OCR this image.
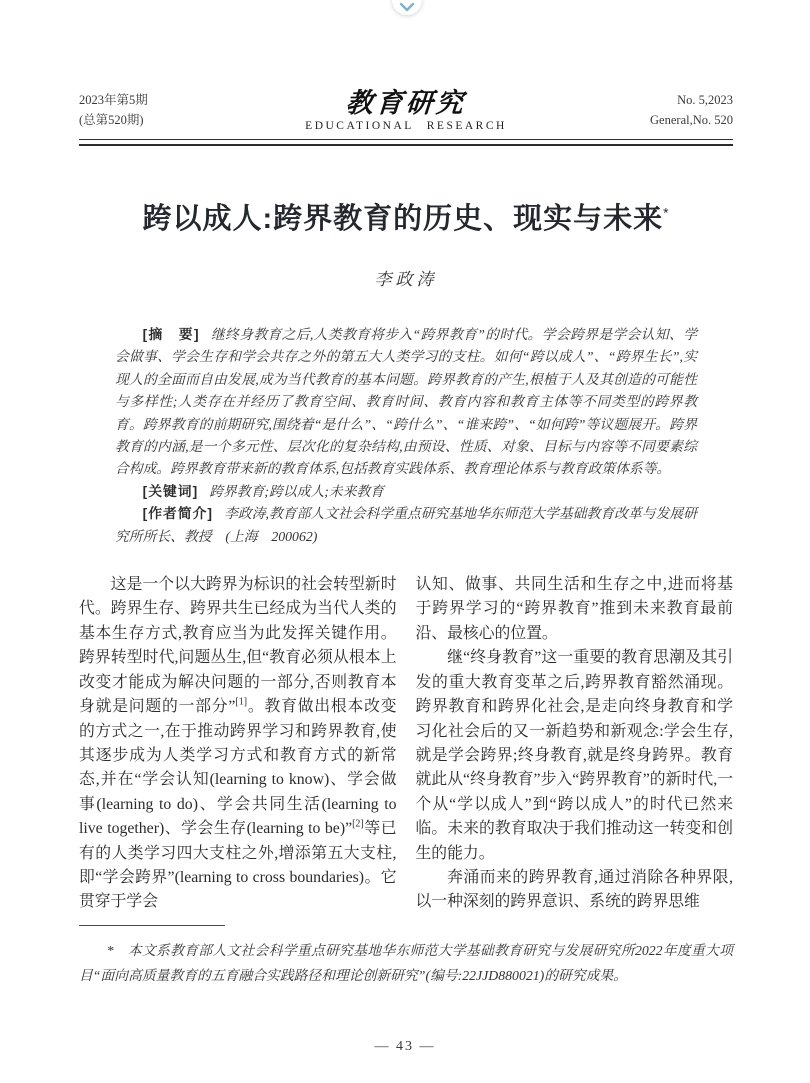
2023年第5期
(总第520期)
教育研究
EDUCATIONAL RESEARCH
No. 5,2023
General,No. 520
跨以成人:跨界教育的历史、现实与未来*
李政涛

[摘　要] 继终身教育之后,人类教育将步入“跨界教育”的时代。学会跨界是学会认知、学会做事、学会生存和学会共存之外的第五大人类学习的支柱。如何“跨以成人”、“跨界生长”,实现人的全面而自由发展,成为当代教育的基本问题。跨界教育的产生,根植于人及其创造的可能性与多样性;人类存在并经历了教育空间、教育时间、教育内容和教育主体等不同类型的跨界教育。跨界教育的前期研究,围绕着“是什么”、“跨什么”、“谁来跨”、“如何跨”等议题展开。跨界教育的内涵,是一个多元性、层次化的复杂结构,由预设、性质、对象、目标与内容等不同要素综合构成。跨界教育带来新的教育体系,包括教育实践体系、教育理论体系与教育政策体系等。

[关键词] 跨界教育;跨以成人;未来教育

[作者简介] 李政涛,教育部人文社会科学重点研究基地华东师范大学基础教育改革与发展研究所所长、教授　(上海　200062)

这是一个以大跨界为标识的社会转型新时代。跨界生存、跨界共生已经成为当代人类的基本生存方式,教育应当为此发挥关键作用。跨界转型时代,问题丛生,但“教育必须从根本上改变才能成为解决问题的一部分,否则教育本身就是问题的一部分”[1]。教育做出根本改变的方式之一,在于推动跨界学习和跨界教育,使其逐步成为人类学习方式和教育方式的新常态,并在“学会认知(learning to know)、学会做事(learning to do)、学会共同生活(learning to live together)、学会生存(learning to be)”[2]等已有的人类学习四大支柱之外,增添第五大支柱,即“学会跨界”(learning to cross boundaries)。它贯穿于学会

认知、做事、共同生活和生存之中,进而将基于跨界学习的“跨界教育”推到未来教育最前沿、最核心的位置。

继“终身教育”这一重要的教育思潮及其引发的重大教育变革之后,跨界教育豁然涌现。跨界教育和跨界化社会,是走向终身教育和学习化社会后的又一新趋势和新观念:学会生存,就是学会跨界;终身教育,就是终身跨界。教育就此从“终身教育”步入“跨界教育”的新时代,一个从“学以成人”到“跨以成人”的时代已然来临。未来的教育取决于我们推动这一转变和创生的能力。

奔涌而来的跨界教育,通过消除各种界限,以一种深刻的跨界意识、系统的跨界思维

*　本文系教育部人文社会科学重点研究基地华东师范大学基础教育研究与发展研究所2022年度重大项目“面向高质量教育的五育融合实践路径和理论创新研究”(编号:22JJD880021)的研究成果。

— 43 —
